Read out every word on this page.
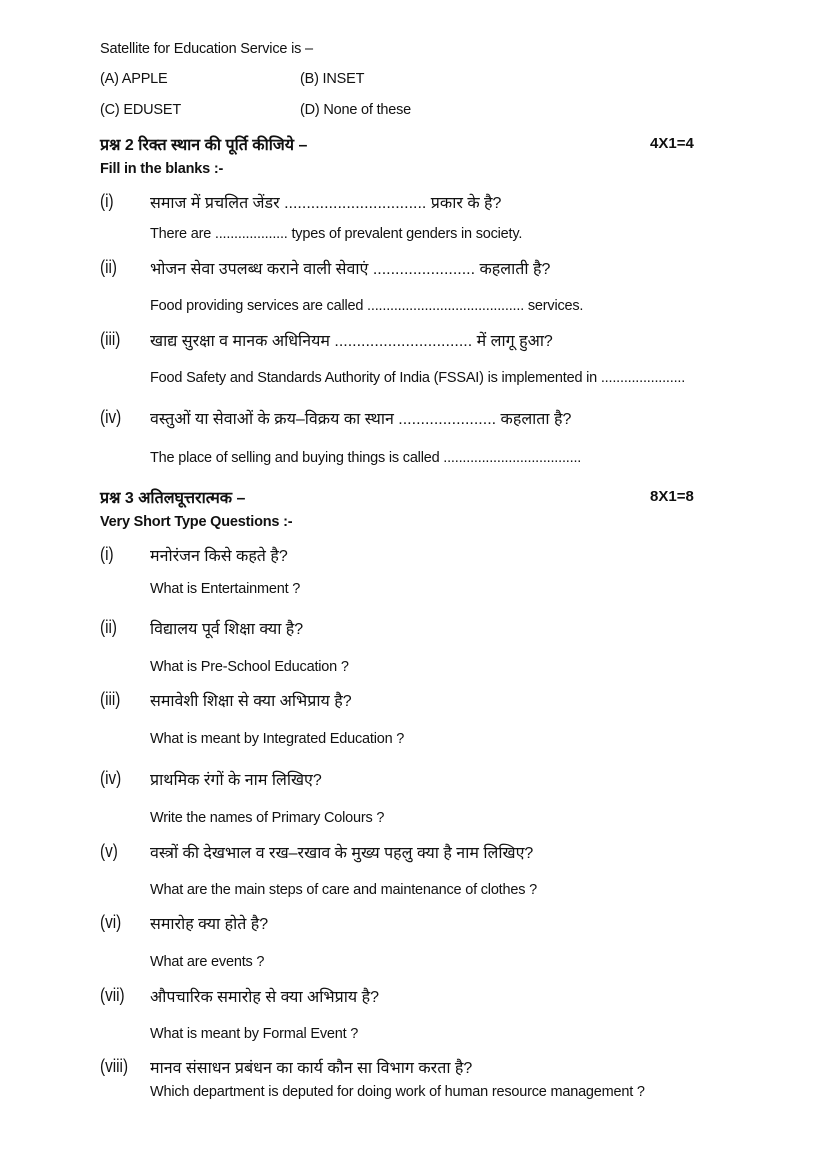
Satellite for Education Service is –
(A) APPLE	(B) INSET
(C) EDUSET	(D) None of these
प्रश्न 2 रिक्त स्थान की पूर्ति कीजिये –	4X1=4
Fill in the blanks :-
(i) समाज में प्रचलित जेंडर ................................ प्रकार के है?
There are ................... types of prevalent genders in society.
(ii) भोजन सेवा उपलब्ध कराने वाली सेवाएं ....................... कहलाती है?
Food providing services are called ......................................... services.
(iii) खाद्य सुरक्षा व मानक अधिनियम ............................... में लागू हुआ?
Food Safety and Standards Authority of India (FSSAI) is implemented in ......................
(iv) वस्तुओं या सेवाओं के क्रय–विक्रय का स्थान ...................... कहलाता है?
The place of selling and buying things is called ....................................
प्रश्न 3 अतिलघूत्तरात्मक –	8X1=8
Very Short Type Questions :-
(i) मनोरंजन किसे कहते है?
What is Entertainment ?
(ii) विद्यालय पूर्व शिक्षा क्या है?
What is Pre-School Education ?
(iii) समावेशी शिक्षा से क्या अभिप्राय है?
What is meant by Integrated Education ?
(iv) प्राथमिक रंगों के नाम लिखिए?
Write the names of Primary Colours ?
(v) वस्त्रों की देखभाल व रख–रखाव के मुख्य पहलु क्या है नाम लिखिए?
What are the main steps of care and maintenance of clothes ?
(vi) समारोह क्या होते है?
What are events ?
(vii) औपचारिक समारोह से क्या अभिप्राय है?
What is meant by Formal Event ?
(viii) मानव संसाधन प्रबंधन का कार्य कौन सा विभाग करता है?
Which department is deputed for doing work of human resource management ?
